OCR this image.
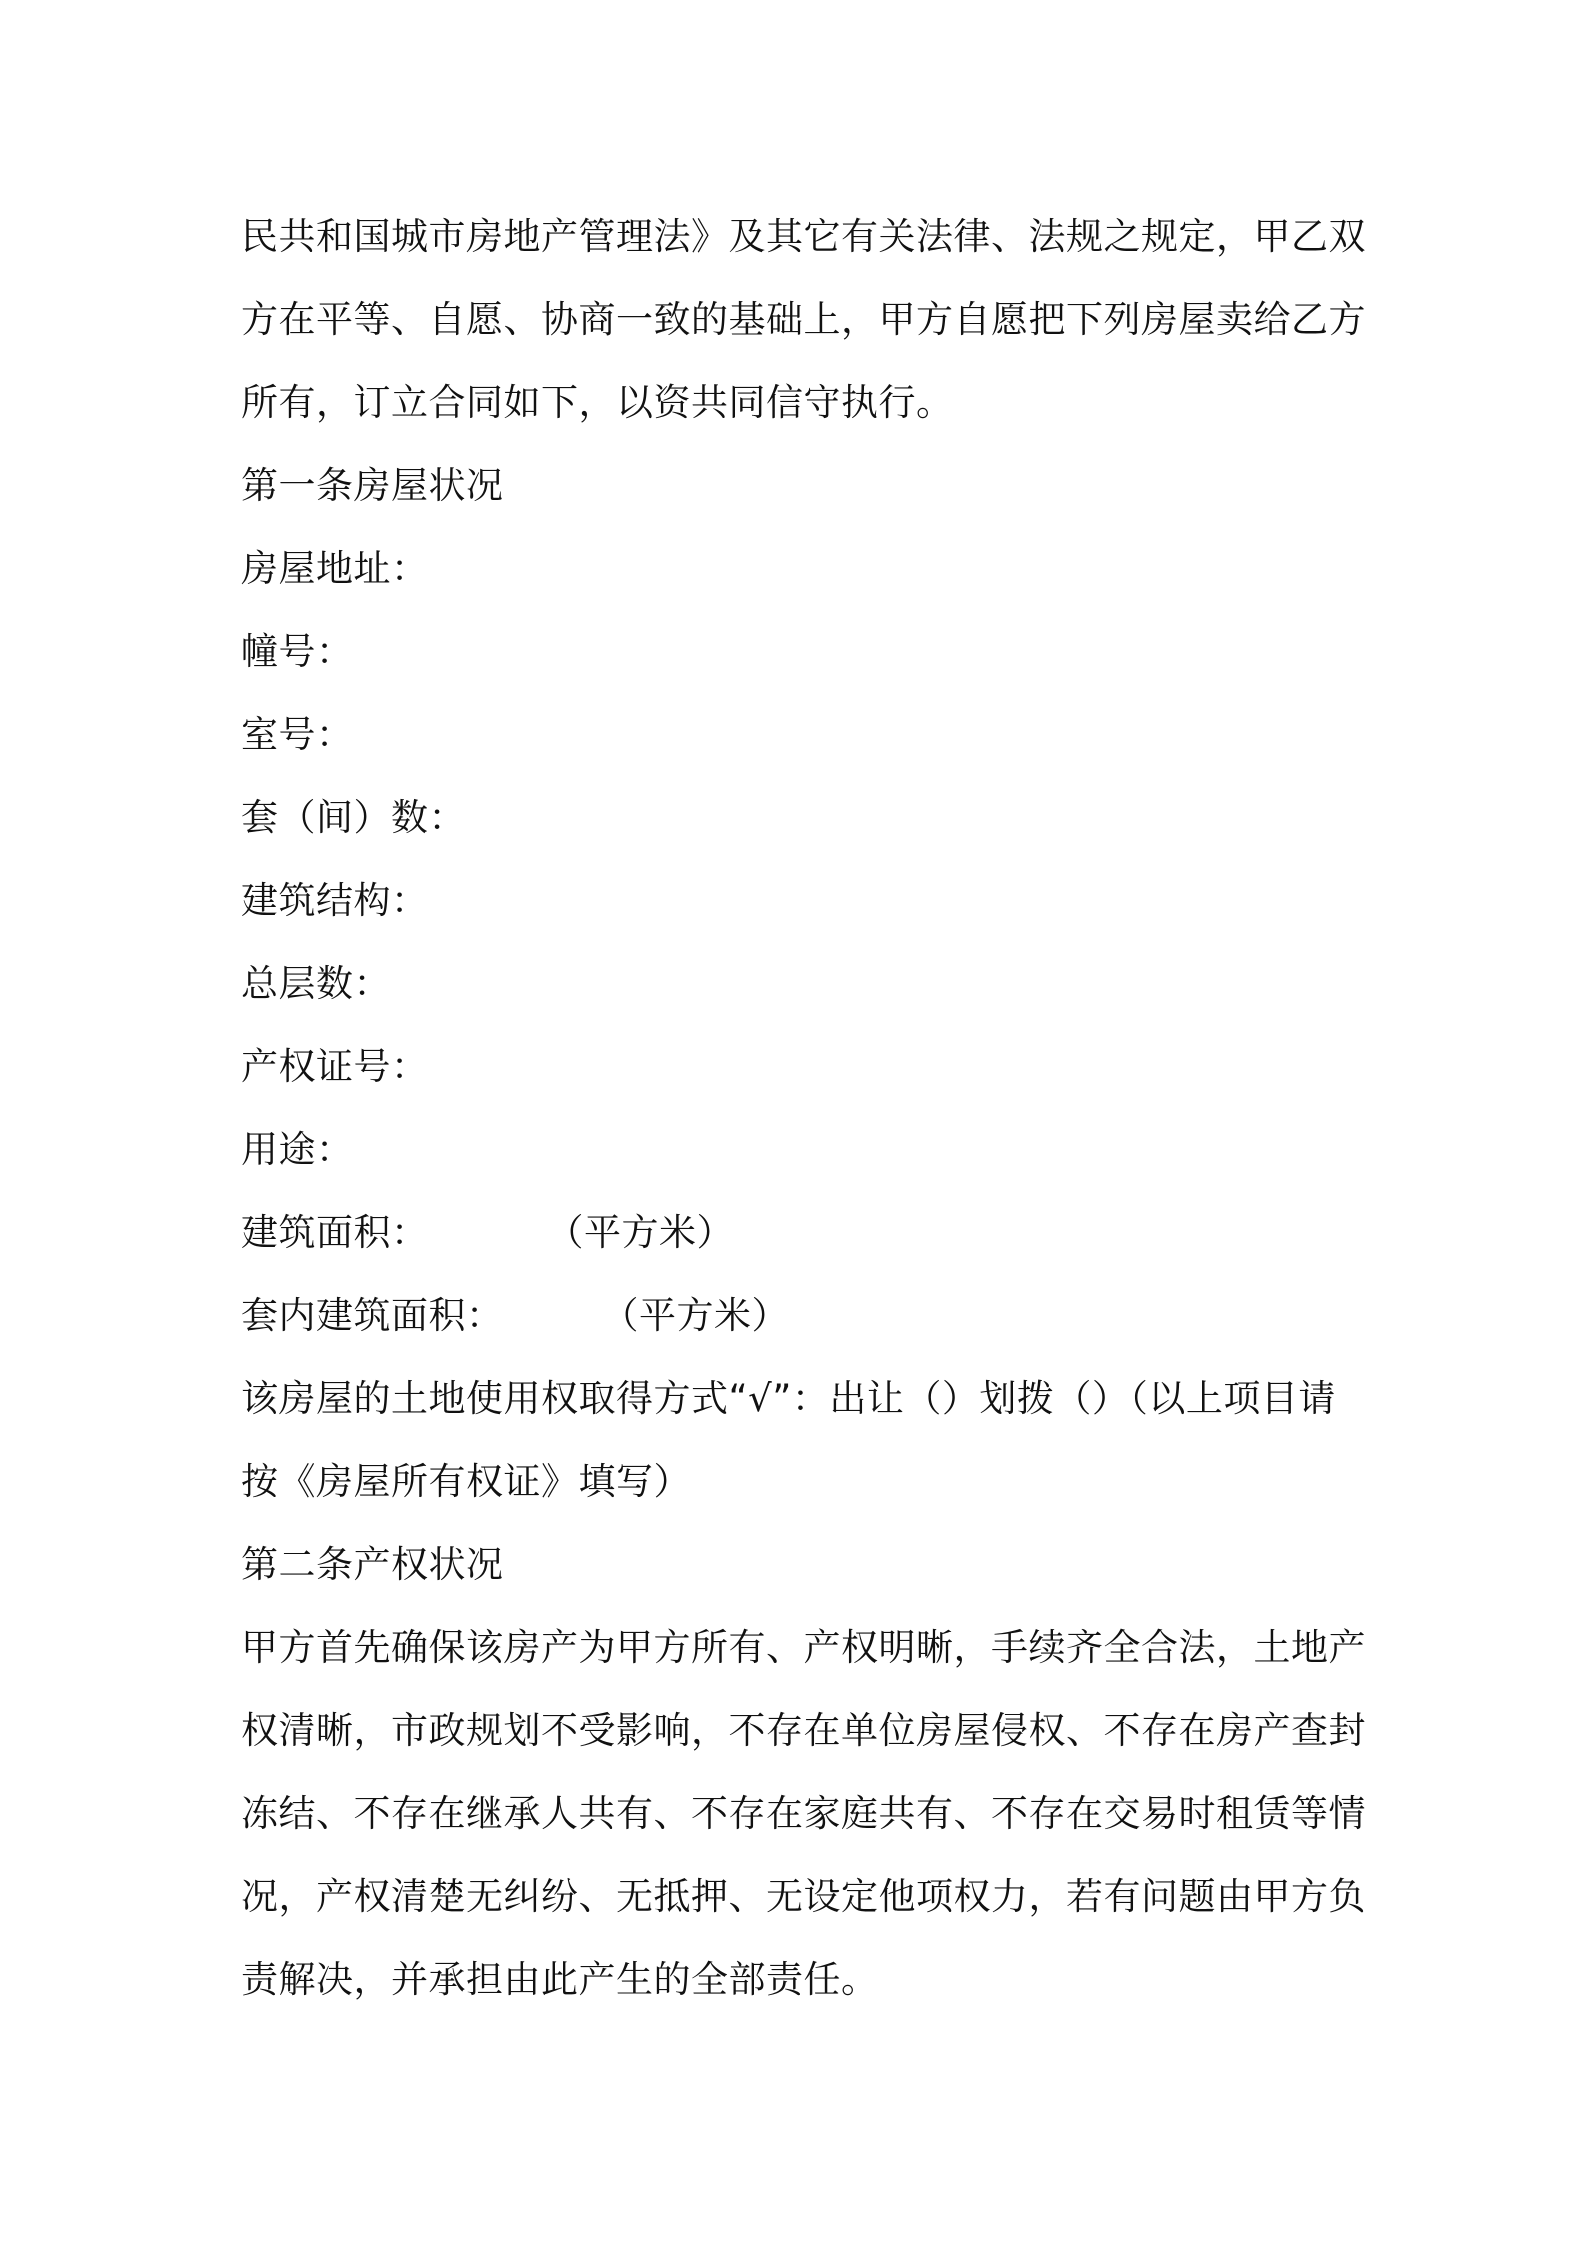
民共和国城市房地产管理法》及其它有关法律、法规之规定，甲乙双
方在平等、自愿、协商一致的基础上，甲方自愿把下列房屋卖给乙方
所有，订立合同如下，以资共同信守执行。
第一条房屋状况
房屋地址：
幢号：
室号：
套（间）数：
建筑结构：
总层数：
产权证号：
用途：
建筑面积：	（平方米）
套内建筑面积：	（平方米）
该房屋的土地使用权取得方式“√”：出让（）划拨（）（以上项目请
按《房屋所有权证》填写）
第二条产权状况
甲方首先确保该房产为甲方所有、产权明晰，手续齐全合法，土地产
权清晰，市政规划不受影响，不存在单位房屋侵权、不存在房产查封
冻结、不存在继承人共有、不存在家庭共有、不存在交易时租赁等情
况，产权清楚无纠纷、无抵押、无设定他项权力，若有问题由甲方负
责解决，并承担由此产生的全部责任。
